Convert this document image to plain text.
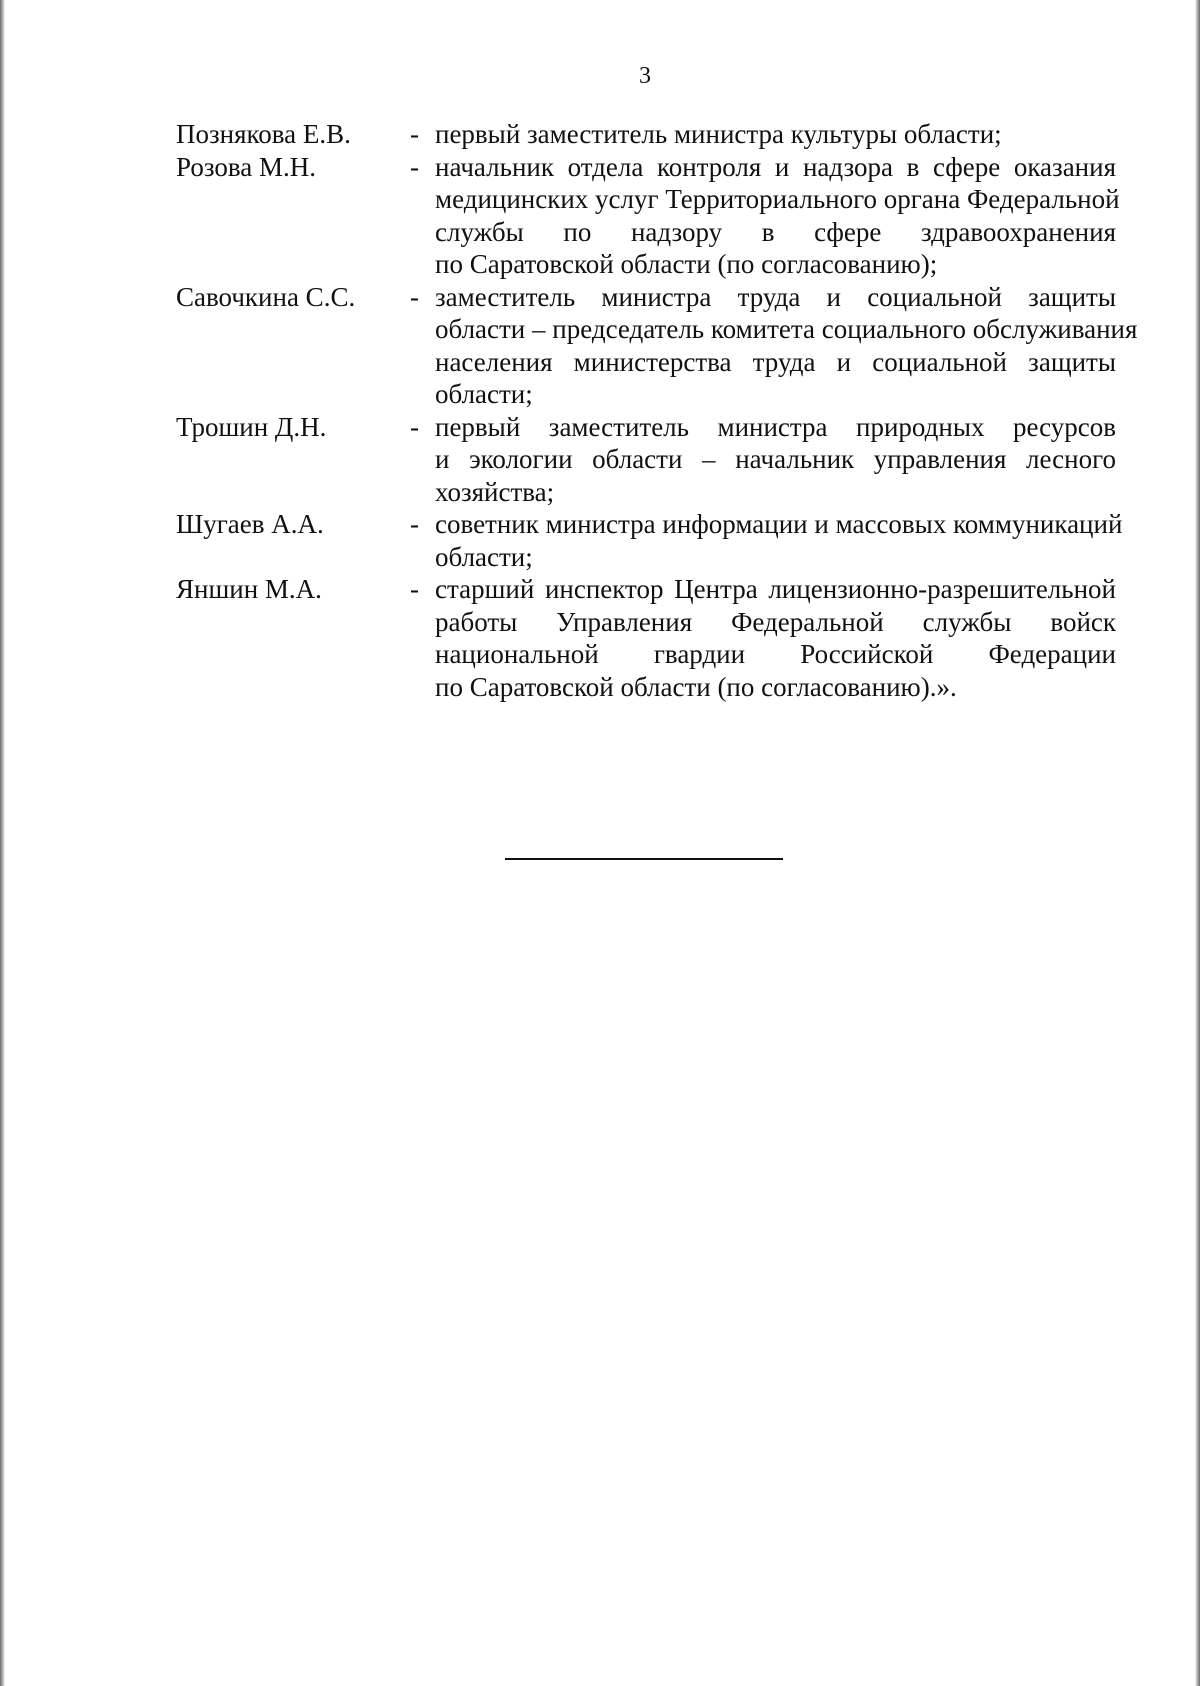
3
Познякова Е.В.	- первый заместитель министра культуры области;
Розова М.Н.	- начальник отдела контроля и надзора в сфере оказания
медицинских услуг Территориального органа Федеральной
службы по надзору в сфере здравоохранения
по Саратовской области (по согласованию);
Савочкина С.С.	- заместитель министра труда и социальной защиты
области – председатель комитета социального обслуживания
населения министерства труда и социальной защиты
области;
Трошин Д.Н.	- первый заместитель министра природных ресурсов
и экологии области – начальник управления лесного
хозяйства;
Шугаев А.А.	- советник министра информации и массовых коммуникаций
области;
Яншин М.А.	- старший инспектор Центра лицензионно-разрешительной
работы Управления Федеральной службы войск
национальной гвардии Российской Федерации
по Саратовской области (по согласованию).».
